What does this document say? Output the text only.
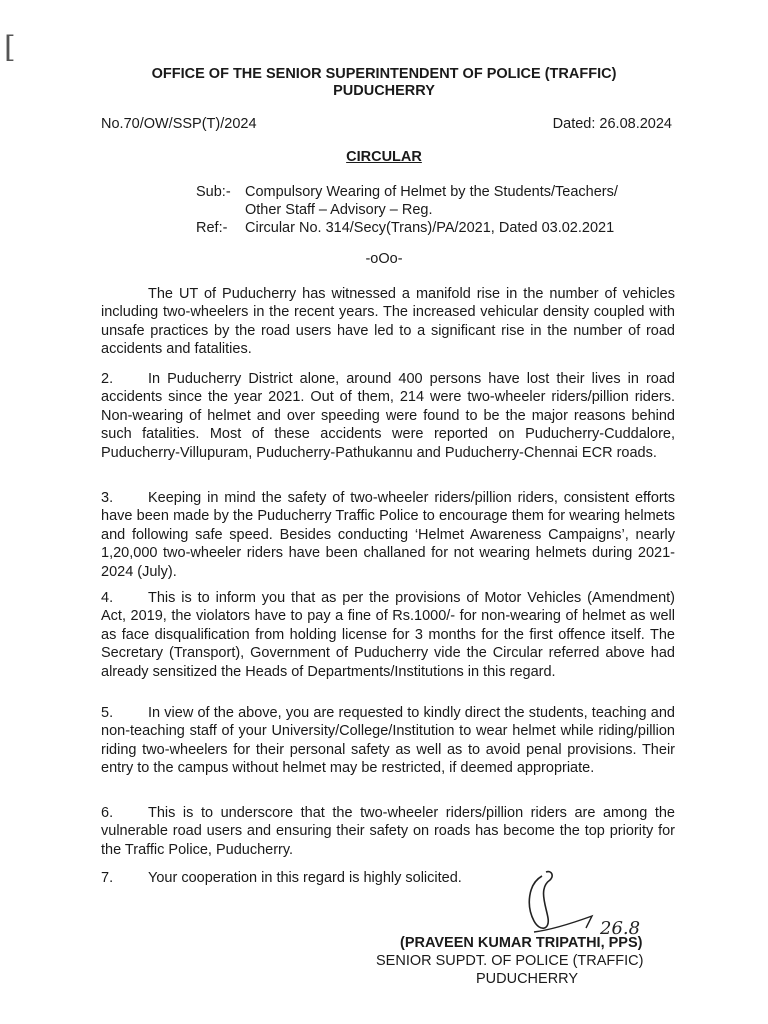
[
OFFICE OF THE SENIOR SUPERINTENDENT OF POLICE (TRAFFIC)
PUDUCHERRY
No.70/OW/SSP(T)/2024	Dated: 26.08.2024
CIRCULAR
Sub:- Compulsory Wearing of Helmet by the Students/Teachers/
Other Staff – Advisory – Reg.
Ref:-	Circular No. 314/Secy(Trans)/PA/2021, Dated 03.02.2021
-oOo-

The UT of Puducherry has witnessed a manifold rise in the number of vehicles including two-wheelers in the recent years. The increased vehicular density coupled with unsafe practices by the road users have led to a significant rise in the number of road accidents and fatalities.

2. In Puducherry District alone, around 400 persons have lost their lives in road accidents since the year 2021. Out of them, 214 were two-wheeler riders/pillion riders. Non-wearing of helmet and over speeding were found to be the major reasons behind such fatalities. Most of these accidents were reported on Puducherry-Cuddalore, Puducherry-Villupuram, Puducherry-Pathukannu and Puducherry-Chennai ECR roads.

3. Keeping in mind the safety of two-wheeler riders/pillion riders, consistent efforts have been made by the Puducherry Traffic Police to encourage them for wearing helmets and following safe speed. Besides conducting ‘Helmet Awareness Campaigns’, nearly 1,20,000 two-wheeler riders have been challaned for not wearing helmets during 2021-2024 (July).

4. This is to inform you that as per the provisions of Motor Vehicles (Amendment) Act, 2019, the violators have to pay a fine of Rs.1000/- for non-wearing of helmet as well as face disqualification from holding license for 3 months for the first offence itself. The Secretary (Transport), Government of Puducherry vide the Circular referred above had already sensitized the Heads of Departments/Institutions in this regard.

5. In view of the above, you are requested to kindly direct the students, teaching and non-teaching staff of your University/College/Institution to wear helmet while riding/pillion riding two-wheelers for their personal safety as well as to avoid penal provisions. Their entry to the campus without helmet may be restricted, if deemed appropriate.

6. This is to underscore that the two-wheeler riders/pillion riders are among the vulnerable road users and ensuring their safety on roads has become the top priority for the Traffic Police, Puducherry.

7. Your cooperation in this regard is highly solicited.
26.8
(PRAVEEN KUMAR TRIPATHI, PPS)
SENIOR SUPDT. OF POLICE (TRAFFIC)
PUDUCHERRY
